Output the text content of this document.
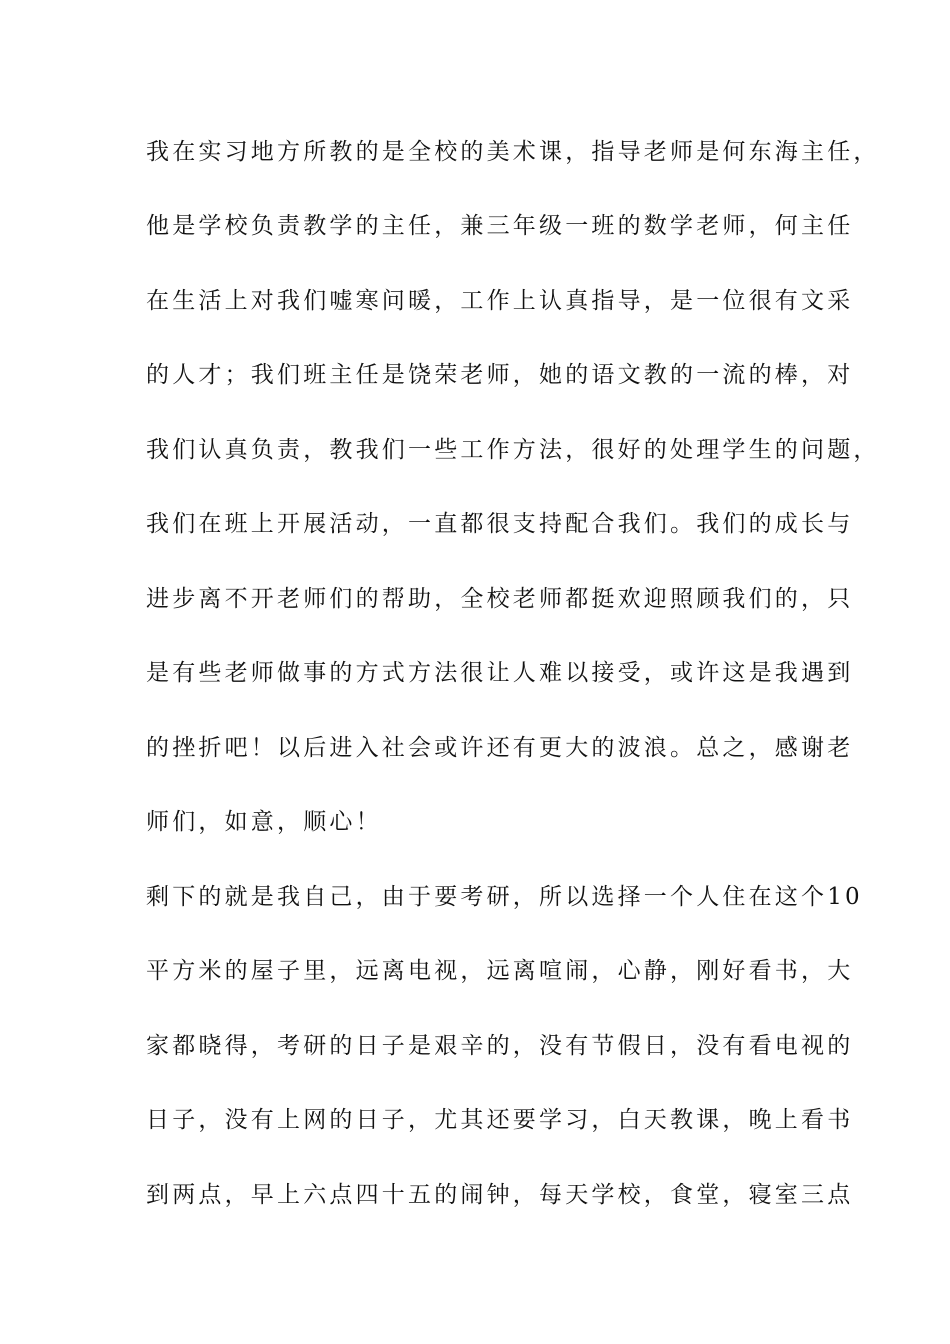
我在实习地方所教的是全校的美术课，指导老师是何东海主任，
他是学校负责教学的主任，兼三年级一班的数学老师，何主任
在生活上对我们嘘寒问暖，工作上认真指导，是一位很有文采
的人才；我们班主任是饶荣老师，她的语文教的一流的棒，对
我们认真负责，教我们一些工作方法，很好的处理学生的问题，
我们在班上开展活动，一直都很支持配合我们。我们的成长与
进步离不开老师们的帮助，全校老师都挺欢迎照顾我们的，只
是有些老师做事的方式方法很让人难以接受，或许这是我遇到
的挫折吧！以后进入社会或许还有更大的波浪。总之，感谢老
师们，如意，顺心！
剩下的就是我自己，由于要考研，所以选择一个人住在这个10
平方米的屋子里，远离电视，远离喧闹，心静，刚好看书，大
家都晓得，考研的日子是艰辛的，没有节假日，没有看电视的
日子，没有上网的日子，尤其还要学习，白天教课，晚上看书
到两点，早上六点四十五的闹钟，每天学校，食堂，寝室三点
